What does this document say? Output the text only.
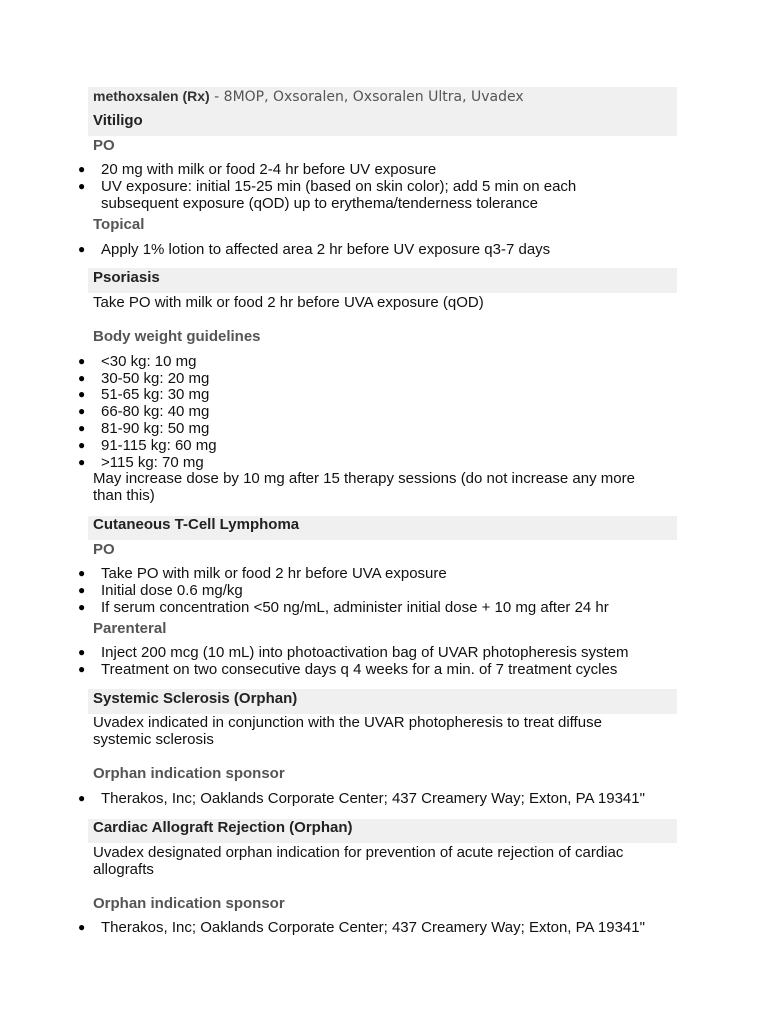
methoxsalen (Rx) - 8MOP, Oxsoralen, Oxsoralen Ultra, Uvadex
Vitiligo
PO
● 20 mg with milk or food 2-4 hr before UV exposure
● UV exposure: initial 15-25 min (based on skin color); add 5 min on each
subsequent exposure (qOD) up to erythema/tenderness tolerance
Topical
● Apply 1% lotion to affected area 2 hr before UV exposure q3-7 days
Psoriasis
Take PO with milk or food 2 hr before UVA exposure (qOD)
Body weight guidelines
● <30 kg: 10 mg
● 30-50 kg: 20 mg
● 51-65 kg: 30 mg
● 66-80 kg: 40 mg
● 81-90 kg: 50 mg
● 91-115 kg: 60 mg
● >115 kg: 70 mg
May increase dose by 10 mg after 15 therapy sessions (do not increase any more
than this)
Cutaneous T-Cell Lymphoma
PO
● Take PO with milk or food 2 hr before UVA exposure
● Initial dose 0.6 mg/kg
● If serum concentration <50 ng/mL, administer initial dose + 10 mg after 24 hr
Parenteral
● Inject 200 mcg (10 mL) into photoactivation bag of UVAR photopheresis system
● Treatment on two consecutive days q 4 weeks for a min. of 7 treatment cycles
Systemic Sclerosis (Orphan)
Uvadex indicated in conjunction with the UVAR photopheresis to treat diffuse
systemic sclerosis
Orphan indication sponsor
● Therakos, Inc; Oaklands Corporate Center; 437 Creamery Way; Exton, PA 19341"
Cardiac Allograft Rejection (Orphan)
Uvadex designated orphan indication for prevention of acute rejection of cardiac
allografts
Orphan indication sponsor
● Therakos, Inc; Oaklands Corporate Center; 437 Creamery Way; Exton, PA 19341"
